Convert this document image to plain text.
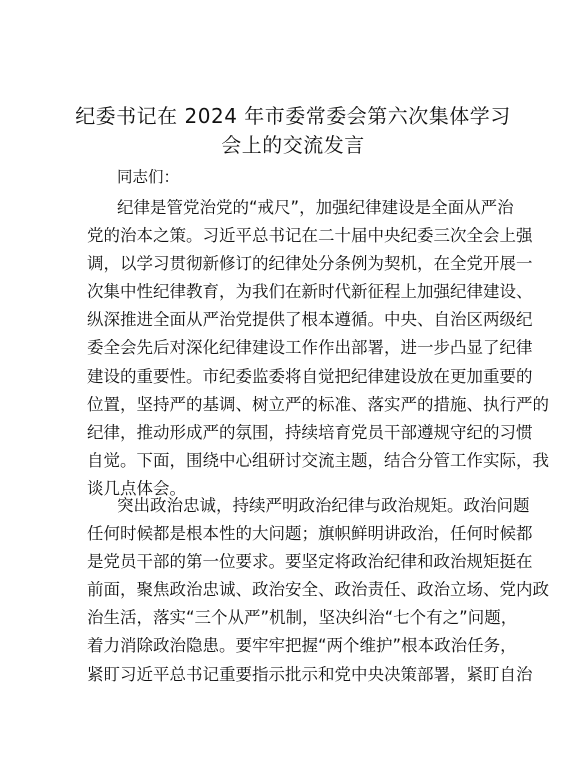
纪委书记在 2024 年市委常委会第六次集体学习
会上的交流发言
同志们：
纪律是管党治党的“戒尺”，加强纪律建设是全面从严治
党的治本之策。习近平总书记在二十届中央纪委三次全会上强
调，以学习贯彻新修订的纪律处分条例为契机，在全党开展一
次集中性纪律教育，为我们在新时代新征程上加强纪律建设、
纵深推进全面从严治党提供了根本遵循。中央、自治区两级纪
委全会先后对深化纪律建设工作作出部署，进一步凸显了纪律
建设的重要性。市纪委监委将自觉把纪律建设放在更加重要的
位置，坚持严的基调、树立严的标准、落实严的措施、执行严的
纪律，推动形成严的氛围，持续培育党员干部遵规守纪的习惯
自觉。下面，围绕中心组研讨交流主题，结合分管工作实际，我
谈几点体会。
突出政治忠诚，持续严明政治纪律与政治规矩。政治问题
任何时候都是根本性的大问题；旗帜鲜明讲政治，任何时候都
是党员干部的第一位要求。要坚定将政治纪律和政治规矩挺在
前面，聚焦政治忠诚、政治安全、政治责任、政治立场、党内政
治生活，落实“三个从严”机制，坚决纠治“七个有之”问题，
着力消除政治隐患。要牢牢把握“两个维护”根本政治任务，
紧盯习近平总书记重要指示批示和党中央决策部署，紧盯自治
